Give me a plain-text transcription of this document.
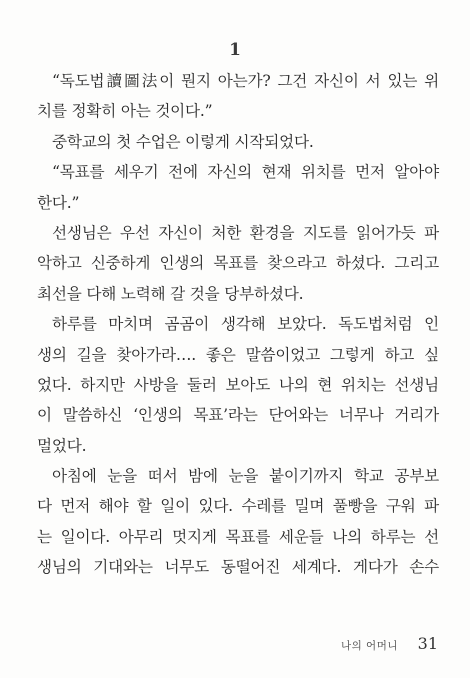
1
“독도법讀圖法이 뭔지 아는가? 그건 자신이 서 있는 위
치를 정확히 아는 것이다.”
중학교의 첫 수업은 이렇게 시작되었다.
“목표를 세우기 전에 자신의 현재 위치를 먼저 알아야
한다.”
선생님은 우선 자신이 처한 환경을 지도를 읽어가듯 파
악하고 신중하게 인생의 목표를 찾으라고 하셨다. 그리고
최선을 다해 노력해 갈 것을 당부하셨다.
하루를 마치며 곰곰이 생각해 보았다. 독도법처럼 인
생의 길을 찾아가라…. 좋은 말씀이었고 그렇게 하고 싶
었다. 하지만 사방을 둘러 보아도 나의 현 위치는 선생님
이 말씀하신 ‘인생의 목표’라는 단어와는 너무나 거리가
멀었다.
아침에 눈을 떠서 밤에 눈을 붙이기까지 학교 공부보
다 먼저 해야 할 일이 있다. 수레를 밀며 풀빵을 구워 파
는 일이다. 아무리 멋지게 목표를 세운들 나의 하루는 선
생님의 기대와는 너무도 동떨어진 세계다. 게다가 손수
나의 어머니 31
